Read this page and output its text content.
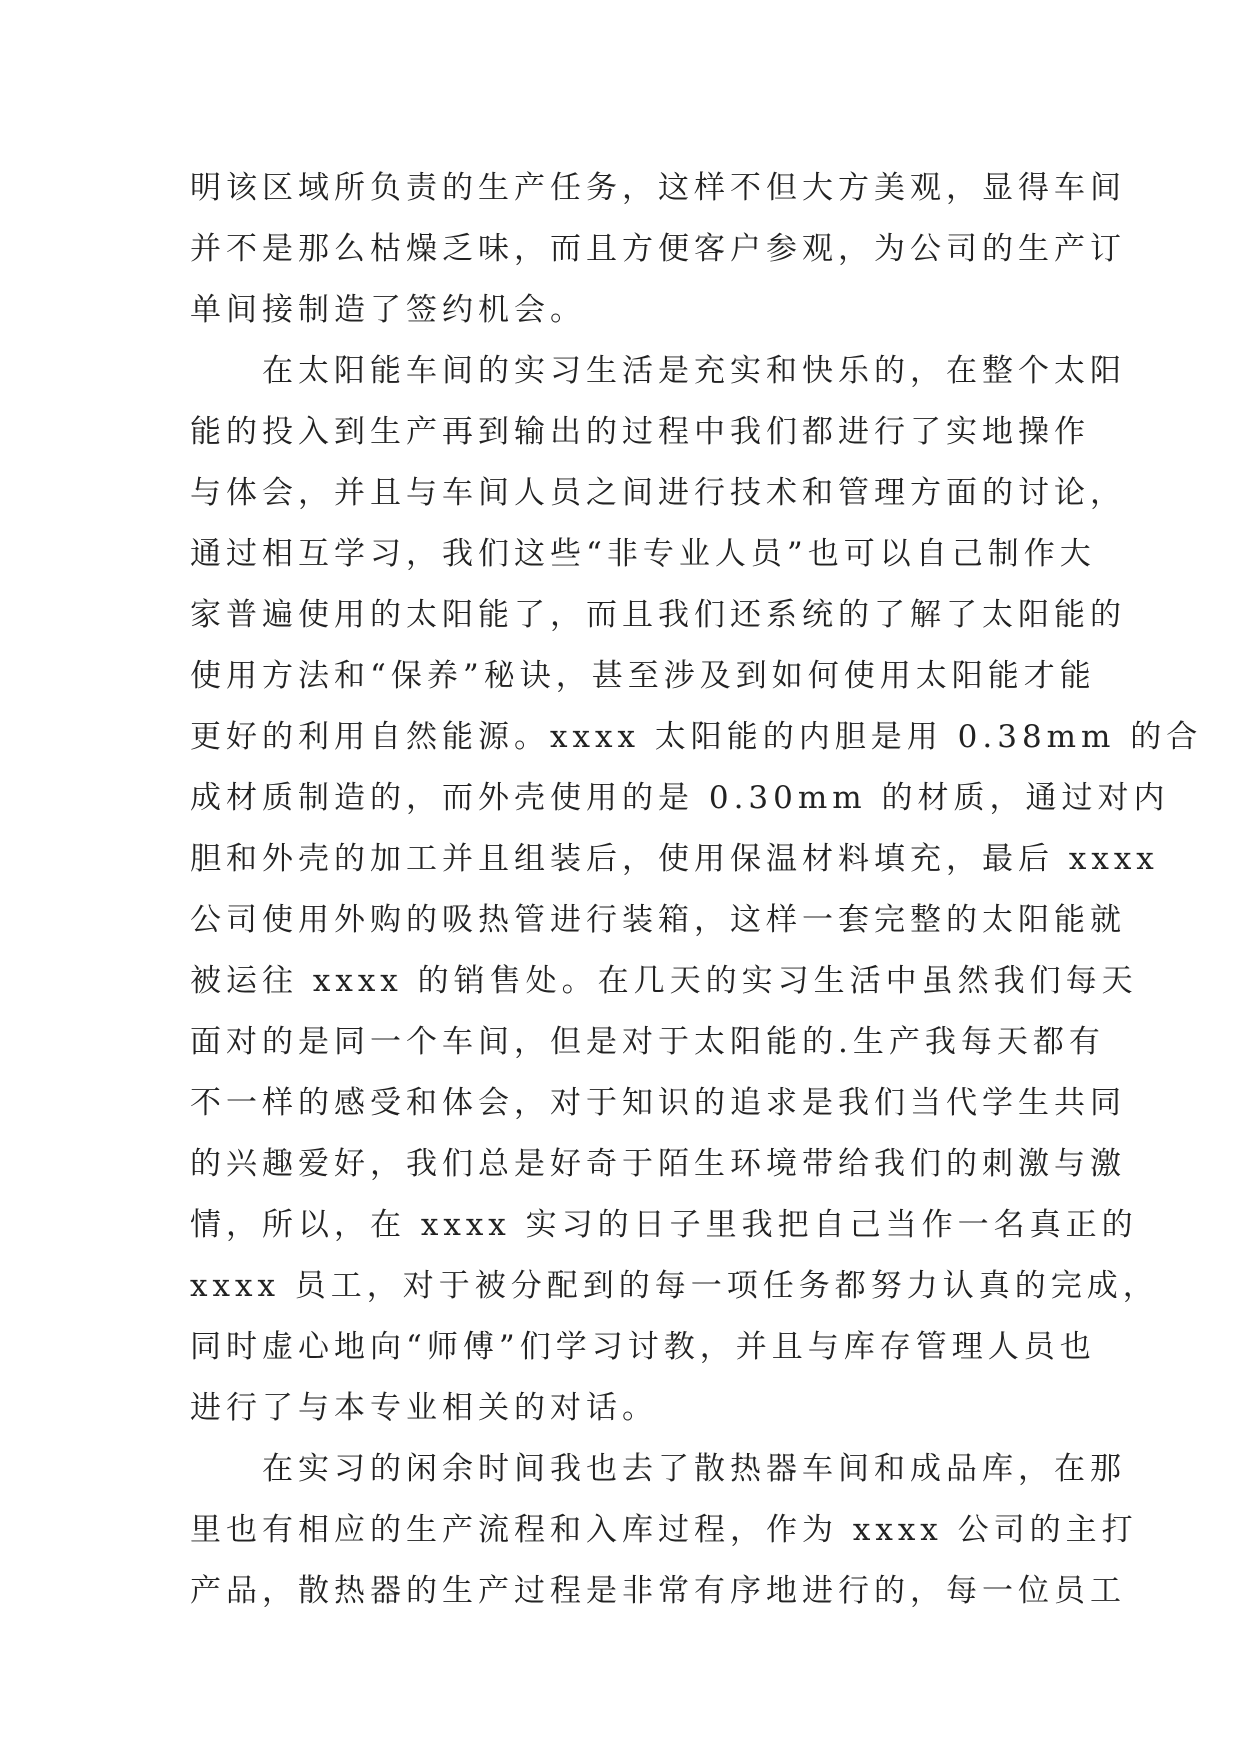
明该区域所负责的生产任务，这样不但大方美观，显得车间
并不是那么枯燥乏味，而且方便客户参观，为公司的生产订
单间接制造了签约机会。
在太阳能车间的实习生活是充实和快乐的，在整个太阳
能的投入到生产再到输出的过程中我们都进行了实地操作
与体会，并且与车间人员之间进行技术和管理方面的讨论，
通过相互学习，我们这些“非专业人员”也可以自己制作大
家普遍使用的太阳能了，而且我们还系统的了解了太阳能的
使用方法和“保养”秘诀，甚至涉及到如何使用太阳能才能
更好的利用自然能源。xxxx 太阳能的内胆是用 0.38mm 的合
成材质制造的，而外壳使用的是 0.30mm 的材质，通过对内
胆和外壳的加工并且组装后，使用保温材料填充，最后 xxxx
公司使用外购的吸热管进行装箱，这样一套完整的太阳能就
被运往 xxxx 的销售处。在几天的实习生活中虽然我们每天
面对的是同一个车间，但是对于太阳能的.生产我每天都有
不一样的感受和体会，对于知识的追求是我们当代学生共同
的兴趣爱好，我们总是好奇于陌生环境带给我们的刺激与激
情，所以，在 xxxx 实习的日子里我把自己当作一名真正的
xxxx 员工，对于被分配到的每一项任务都努力认真的完成，
同时虚心地向“师傅”们学习讨教，并且与库存管理人员也
进行了与本专业相关的对话。
在实习的闲余时间我也去了散热器车间和成品库，在那
里也有相应的生产流程和入库过程，作为 xxxx 公司的主打
产品，散热器的生产过程是非常有序地进行的，每一位员工
